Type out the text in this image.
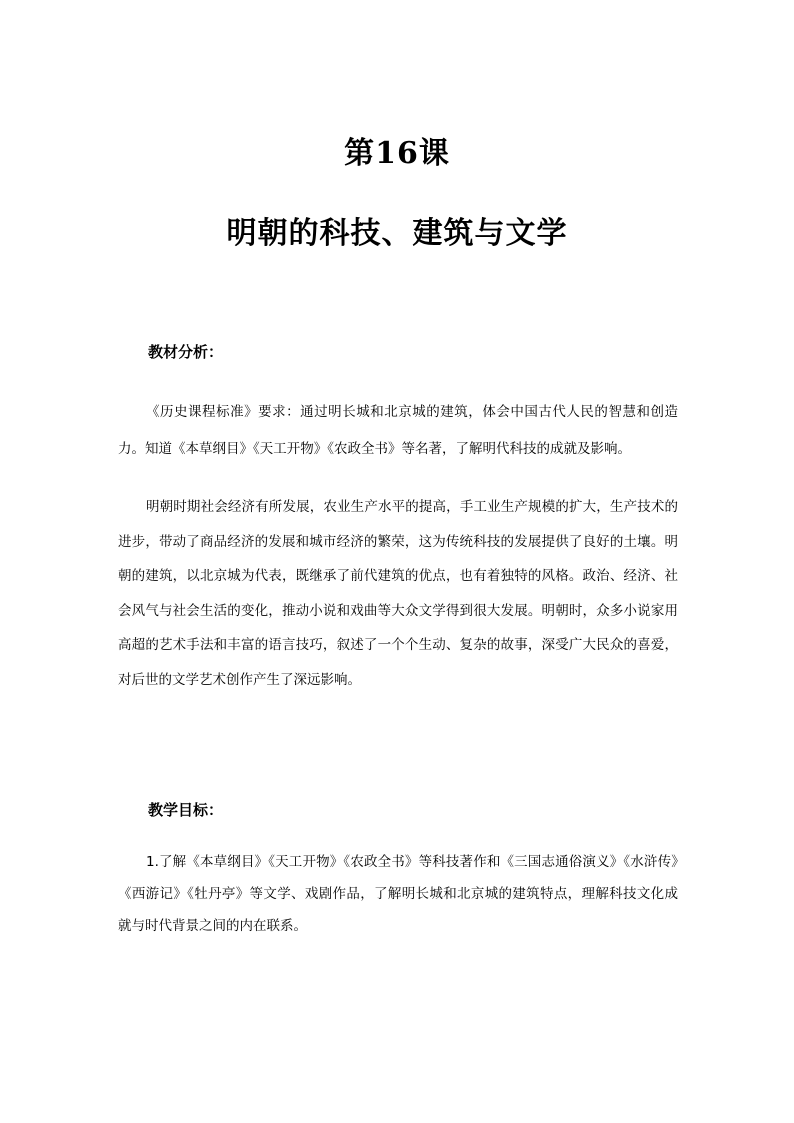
第16课
明朝的科技、建筑与文学
教材分析：

《历史课程标准》要求：通过明长城和北京城的建筑，体会中国古代人民的智慧和创造力。知道《本草纲目》《天工开物》《农政全书》等名著，了解明代科技的成就及影响。

明朝时期社会经济有所发展，农业生产水平的提高，手工业生产规模的扩大，生产技术的进步，带动了商品经济的发展和城市经济的繁荣，这为传统科技的发展提供了良好的土壤。明朝的建筑，以北京城为代表，既继承了前代建筑的优点，也有着独特的风格。政治、经济、社会风气与社会生活的变化，推动小说和戏曲等大众文学得到很大发展。明朝时，众多小说家用高超的艺术手法和丰富的语言技巧，叙述了一个个生动、复杂的故事，深受广大民众的喜爱，对后世的文学艺术创作产生了深远影响。

教学目标：

1.了解《本草纲目》《天工开物》《农政全书》等科技著作和《三国志通俗演义》《水浒传》《西游记》《牡丹亭》等文学、戏剧作品，了解明长城和北京城的建筑特点，理解科技文化成就与时代背景之间的内在联系。
